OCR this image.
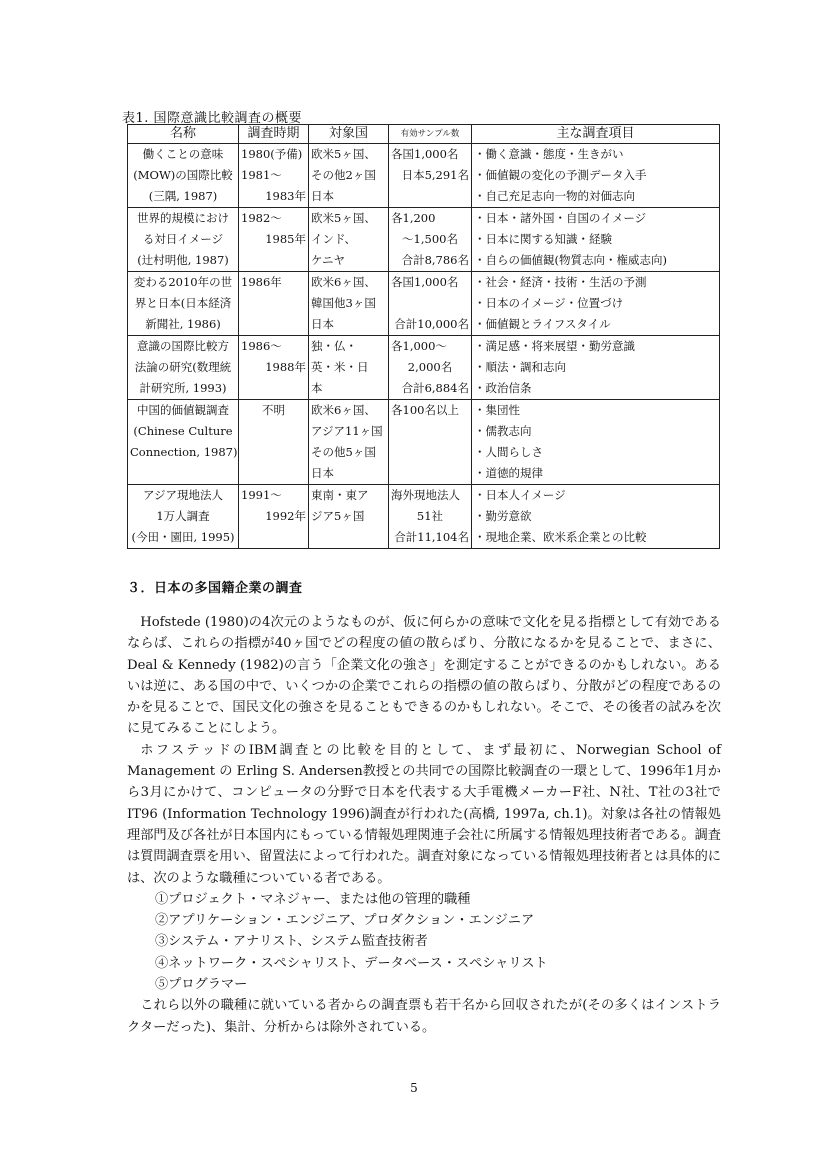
表1. 国際意識比較調査の概要
名称	調査時期	対象国	有効サンプル数	主な調査項目

働くことの意味
(MOW)の国際比較
(三隅, 1987)	1980(予備)
1981～
1983年	欧米5ヶ国、
その他2ヶ国
日本	各国1,000名
日本5,291名	・働く意識・態度・生きがい
・価値観の変化の予測データ入手
・自己充足志向一物的対価志向

世界的規模におけ
る対日イメージ
(辻村明他, 1987)	1982～
1985年	欧米5ヶ国、
インド、
ケニヤ	各1,200
～1,500名
合計8,786名	・日本・諸外国・自国のイメージ
・日本に関する知識・経験
・自らの価値観(物質志向・権威志向)

変わる2010年の世
界と日本(日本経済
新聞社, 1986)	1986年	欧米6ヶ国、
韓国他3ヶ国
日本	各国1,000名
合計10,000名	・社会・経済・技術・生活の予測
・日本のイメージ・位置づけ
・価値観とライフスタイル

意識の国際比較方
法論の研究(数理統
計研究所, 1993)	1986～
1988年	独・仏・
英・米・日
本	各1,000～
2,000名
合計6,884名	・満足感・将来展望・勤労意識
・順法・調和志向
・政治信条

中国的価値観調査
(Chinese Culture
Connection, 1987)	不明	欧米6ヶ国、
アジア11ヶ国
その他5ヶ国
日本	各100名以上	・集団性
・儒教志向
・人間らしさ
・道徳的規律

アジア現地法人
1万人調査
(今田・園田, 1995)	1991～
1992年	東南・東ア
ジア5ヶ国	海外現地法人
51社
合計11,104名	・日本人イメージ
・勤労意欲
・現地企業、欧米系企業との比較
３．日本の多国籍企業の調査

Hofstede (1980)の4次元のようなものが、仮に何らかの意味で文化を見る指標として有効であるならば、これらの指標が40ヶ国でどの程度の値の散らばり、分散になるかを見ることで、まさに、Deal & Kennedy (1982)の言う「企業文化の強さ」を測定することができるのかもしれない。あるいは逆に、ある国の中で、いくつかの企業でこれらの指標の値の散らばり、分散がどの程度であるのかを見ることで、国民文化の強さを見ることもできるのかもしれない。そこで、その後者の試みを次に見てみることにしよう。

ホフステッドのIBM調査との比較を目的として、まず最初に、Norwegian School of Management の Erling S. Andersen教授との共同での国際比較調査の一環として、1996年1月から3月にかけて、コンピュータの分野で日本を代表する大手電機メーカーF社、N社、T社の3社でIT96 (Information Technology 1996)調査が行われた(高橋, 1997a, ch.1)。対象は各社の情報処理部門及び各社が日本国内にもっている情報処理関連子会社に所属する情報処理技術者である。調査は質問調査票を用い、留置法によって行われた。調査対象になっている情報処理技術者とは具体的には、次のような職種についている者である。

①プロジェクト・マネジャー、または他の管理的職種
②アプリケーション・エンジニア、プロダクション・エンジニア
③システム・アナリスト、システム監査技術者
④ネットワーク・スペシャリスト、データベース・スペシャリスト
⑤プログラマー

これら以外の職種に就いている者からの調査票も若干名から回収されたが(その多くはインストラクターだった)、集計、分析からは除外されている。

5
